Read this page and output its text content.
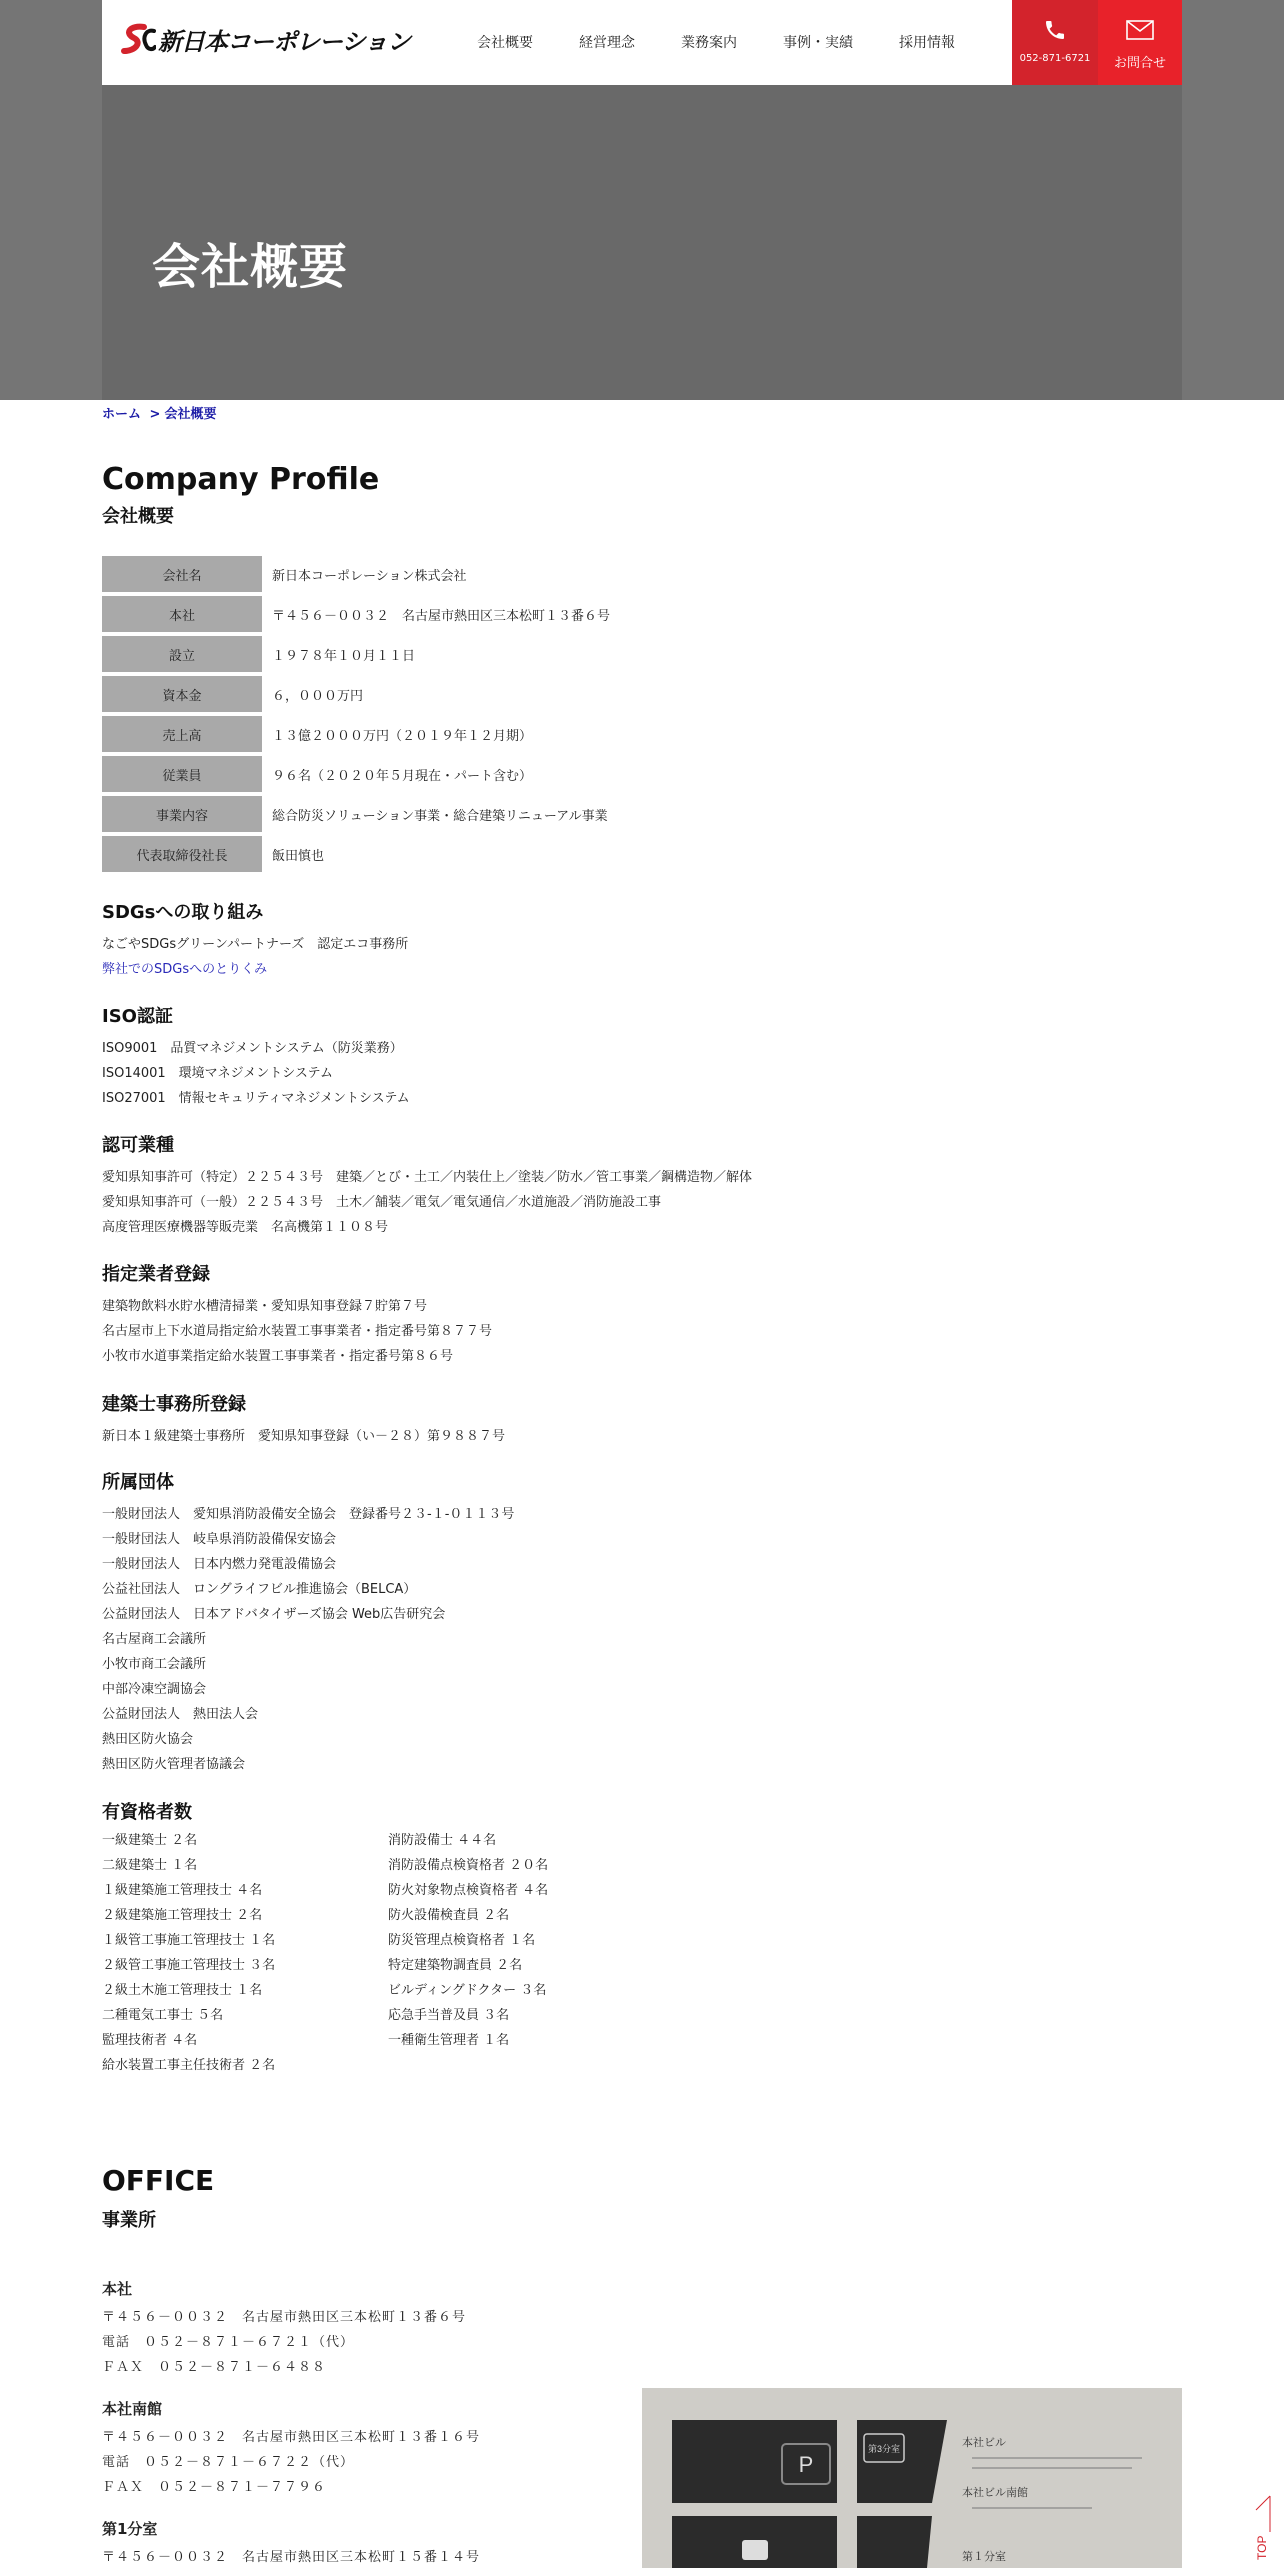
会社概要
新日本コーポレーション	会社概要	経営理念	業務案内	事例・実績	採用情報
052-871-6721	お問合せ
ホーム > 会社概要
Company Profile
会社概要
会社名	新日本コーポレーション株式会社
本社	〒４５６－００３２　名古屋市熱田区三本松町１３番６号
設立	１９７８年１０月１１日
資本金	６，０００万円
売上高	１３億２０００万円（２０１９年１２月期）
従業員	９６名（２０２０年５月現在・パート含む）
事業内容	総合防災ソリューション事業・総合建築リニューアル事業
代表取締役社長	飯田慎也
SDGsへの取り組み

なごやSDGsグリーンパートナーズ　認定エコ事務所

弊社でのSDGsへのとりくみ
ISO認証

ISO9001　品質マネジメントシステム（防災業務）

ISO14001　環境マネジメントシステム

ISO27001　情報セキュリティマネジメントシステム

認可業種

愛知県知事許可（特定）２２５４３号　建築／とび・土工／内装仕上／塗装／防水／管工事業／鋼構造物／解体

愛知県知事許可（一般）２２５４３号　土木／舗装／電気／電気通信／水道施設／消防施設工事

高度管理医療機器等販売業　名高機第１１０８号

指定業者登録

建築物飲料水貯水槽清掃業・愛知県知事登録７貯第７号

名古屋市上下水道局指定給水装置工事事業者・指定番号第８７７号

小牧市水道事業指定給水装置工事事業者・指定番号第８６号

建築士事務所登録

新日本１級建築士事務所　愛知県知事登録（い－２８）第９８８７号

所属団体

一般財団法人　愛知県消防設備安全協会　登録番号２３-１-０１１３号

一般財団法人　岐阜県消防設備保安協会

一般財団法人　日本内燃力発電設備協会

公益社団法人　ロングライフビル推進協会（BELCA）

公益財団法人　日本アドバタイザーズ協会 Web広告研究会

名古屋商工会議所

小牧市商工会議所

中部冷凍空調協会

公益財団法人　熱田法人会

熱田区防火協会

熱田区防火管理者協議会

有資格者数

一級建築士 ２名

二級建築士 １名

１級建築施工管理技士 ４名

２級建築施工管理技士 ２名

１級管工事施工管理技士 １名

２級管工事施工管理技士 ３名

２級土木施工管理技士 １名

二種電気工事士 ５名

監理技術者 ４名

給水装置工事主任技術者 ２名

消防設備士 ４４名

消防設備点検資格者 ２０名

防火対象物点検資格者 ４名

防火設備検査員 ２名

防災管理点検資格者 １名

特定建築物調査員 ２名

ビルディングドクター ３名

応急手当普及員 ３名

一種衛生管理者 １名

OFFICE
事業所
本社

〒４５６－００３２　名古屋市熱田区三本松町１３番６号

電話　０５２－８７１－６７２１（代）

ＦＡＸ　０５２－８７１－６４８８

本社南館

〒４５６－００３２　名古屋市熱田区三本松町１３番１６号

電話　０５２－８７１－６７２２（代）

ＦＡＸ　０５２－８７１－７７９６

第1分室

〒４５６－００３２　名古屋市熱田区三本松町１５番１４号

P
第3分室	本社ビル
本社ビル南館
第１分室	TOP
